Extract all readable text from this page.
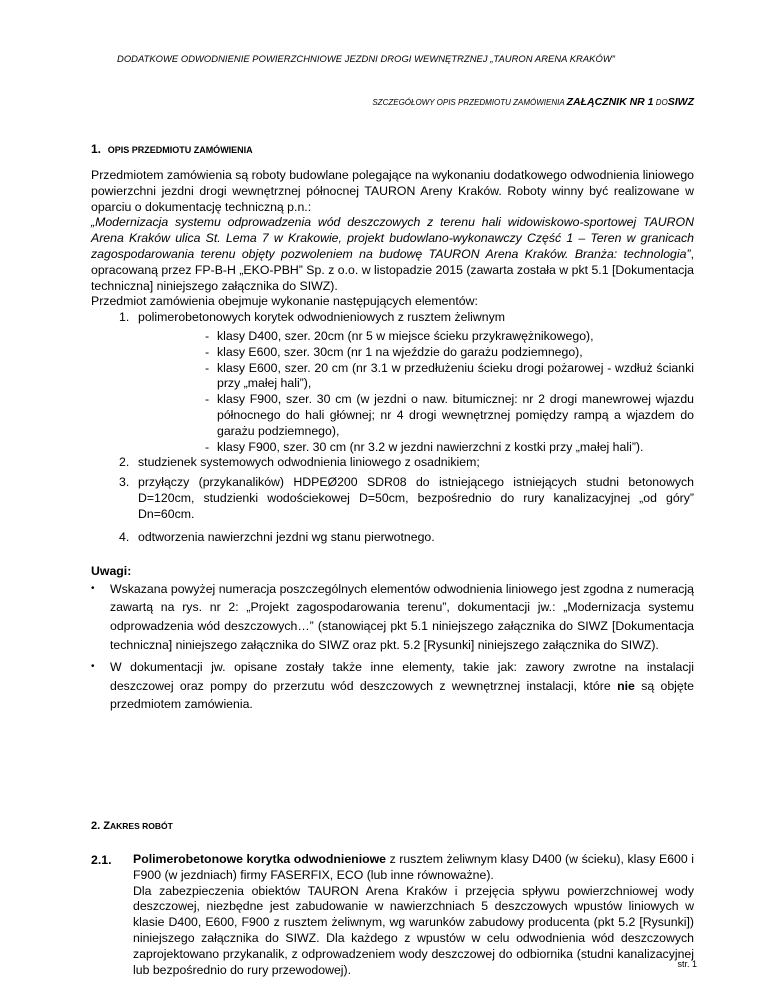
DODATKOWE ODWODNIENIE POWIERZCHNIOWE JEZDNI DROGI WEWNĘTRZNEJ „TAURON ARENA KRAKÓW”
SZCZEGÓŁOWY OPIS PRZEDMIOTU ZAMÓWIENIA ZAŁĄCZNIK NR 1 DOSIWZ
1. OPIS PRZEDMIOTU ZAMÓWIENIA

Przedmiotem zamówienia są roboty budowlane polegające na wykonaniu dodatkowego odwodnienia liniowego powierzchni jezdni drogi wewnętrznej północnej TAURON Areny Kraków. Roboty winny być realizowane w oparciu o dokumentację techniczną p.n.:
„Modernizacja systemu odprowadzenia wód deszczowych z terenu hali widowiskowo-sportowej TAURON Arena Kraków ulica St. Lema 7 w Krakowie, projekt budowlano-wykonawczy Część 1 – Teren w granicach zagospodarowania terenu objęty pozwoleniem na budowę TAURON Arena Kraków. Branża: technologia”, opracowaną przez FP-B-H „EKO-PBH” Sp. z o.o. w listopadzie 2015 (zawarta została w pkt 5.1 [Dokumentacja techniczna] niniejszego załącznika do SIWZ).

Przedmiot zamówienia obejmuje wykonanie następujących elementów:

1. polimerobetonowych korytek odwodnieniowych z rusztem żeliwnym
- klasy D400, szer. 20cm (nr 5 w miejsce ścieku przykrawężnikowego),
- klasy E600, szer. 30cm (nr 1 na wjeździe do garażu podziemnego),
- klasy E600, szer. 20 cm (nr 3.1 w przedłużeniu ścieku drogi pożarowej - wzdłuż ścianki przy „małej hali”),
- klasy F900, szer. 30 cm (w jezdni o naw. bitumicznej: nr 2 drogi manewrowej wjazdu północnego do hali głównej; nr 4 drogi wewnętrznej pomiędzy rampą a wjazdem do garażu podziemnego),
- klasy F900, szer. 30 cm (nr 3.2 w jezdni nawierzchni z kostki przy „małej hali”).
2. studzienek systemowych odwodnienia liniowego z osadnikiem;
3. przyłączy (przykanalików) HDPEØ200 SDR08 do istniejącego istniejących studni betonowych D=120cm, studzienki wodościekowej D=50cm, bezpośrednio do rury kanalizacyjnej „od góry” Dn=60cm.
4. odtworzenia nawierzchni jezdni wg stanu pierwotnego.

Uwagi:

• Wskazana powyżej numeracja poszczególnych elementów odwodnienia liniowego jest zgodna z numeracją zawartą na rys. nr 2: „Projekt zagospodarowania terenu”, dokumentacji jw.: „Modernizacja systemu odprowadzenia wód deszczowych…” (stanowiącej pkt 5.1 niniejszego załącznika do SIWZ [Dokumentacja techniczna] niniejszego załącznika do SIWZ oraz pkt. 5.2 [Rysunki] niniejszego załącznika do SIWZ).
• W dokumentacji jw. opisane zostały także inne elementy, takie jak: zawory zwrotne na instalacji deszczowej oraz pompy do przerzutu wód deszczowych z wewnętrznej instalacji, które nie są objęte przedmiotem zamówienia.
2. ZAKRES ROBÓT
2.1. Polimerobetonowe korytka odwodnieniowe z rusztem żeliwnym klasy D400 (w ścieku), klasy E600 i F900 (w jezdniach) firmy FASERFIX, ECO (lub inne równoważne).

Dla zabezpieczenia obiektów TAURON Arena Kraków i przejęcia spływu powierzchniowej wody deszczowej, niezbędne jest zabudowanie w nawierzchniach 5 deszczowych wpustów liniowych w klasie D400, E600, F900 z rusztem żeliwnym, wg warunków zabudowy producenta (pkt 5.2 [Rysunki]) niniejszego załącznika do SIWZ. Dla każdego z wpustów w celu odwodnienia wód deszczowych zaprojektowano przykanalik, z odprowadzeniem wody deszczowej do odbiornika (studni kanalizacyjnej lub bezpośrednio do rury przewodowej).	str. 1
